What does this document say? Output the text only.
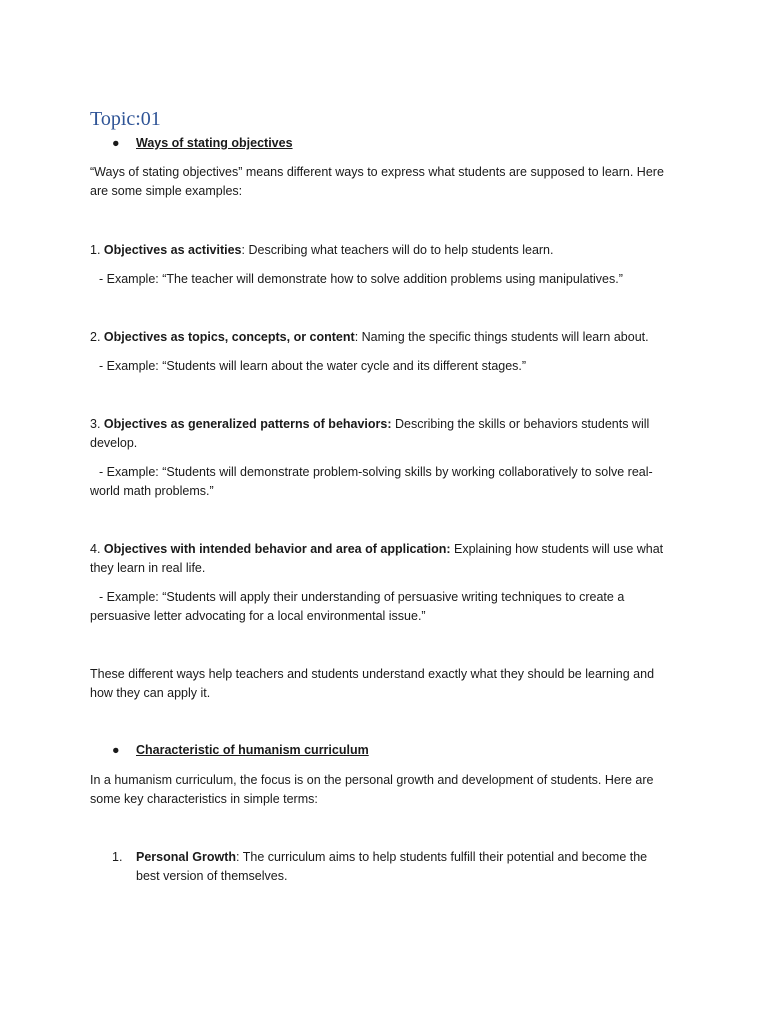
Topic:01
● Ways of stating objectives

“Ways of stating objectives” means different ways to express what students are supposed to learn. Here are some simple examples:

1. Objectives as activities: Describing what teachers will do to help students learn.

- Example: “The teacher will demonstrate how to solve addition problems using manipulatives.”

2. Objectives as topics, concepts, or content: Naming the specific things students will learn about.

- Example: “Students will learn about the water cycle and its different stages.”

3. Objectives as generalized patterns of behaviors: Describing the skills or behaviors students will develop.

- Example: “Students will demonstrate problem-solving skills by working collaboratively to solve real-world math problems.”

4. Objectives with intended behavior and area of application: Explaining how students will use what they learn in real life.

- Example: “Students will apply their understanding of persuasive writing techniques to create a persuasive letter advocating for a local environmental issue.”

These different ways help teachers and students understand exactly what they should be learning and how they can apply it.

● Characteristic of humanism curriculum

In a humanism curriculum, the focus is on the personal growth and development of students. Here are some key characteristics in simple terms:

1. Personal Growth: The curriculum aims to help students fulfill their potential and become the best version of themselves.
